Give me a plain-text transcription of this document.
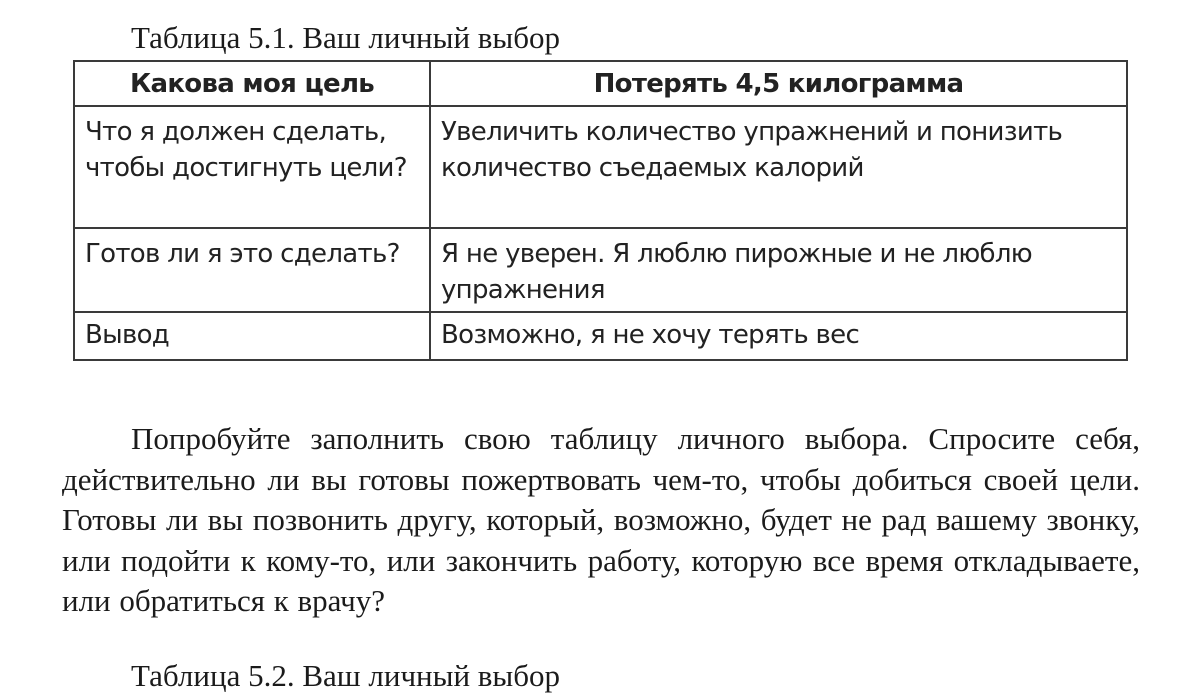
Таблица 5.1. Ваш личный выбор
Какова моя цель	Потерять 4,5 килограмма
Что я должен сделать, чтобы достигнуть цели?	Увеличить количество упражнений и понизить количество съедаемых калорий
Готов ли я это сделать?	Я не уверен. Я люблю пирожные и не люблю упражнения
Вывод	Возможно, я не хочу терять вес

Попробуйте заполнить свою таблицу личного выбора. Спросите себя, действительно ли вы готовы пожертвовать чем-то, чтобы добиться своей цели. Готовы ли вы позвонить другу, который, возможно, будет не рад вашему звонку, или подойти к кому-то, или закончить работу, которую все время откладываете, или обратиться к врачу?

Таблица 5.2. Ваш личный выбор
